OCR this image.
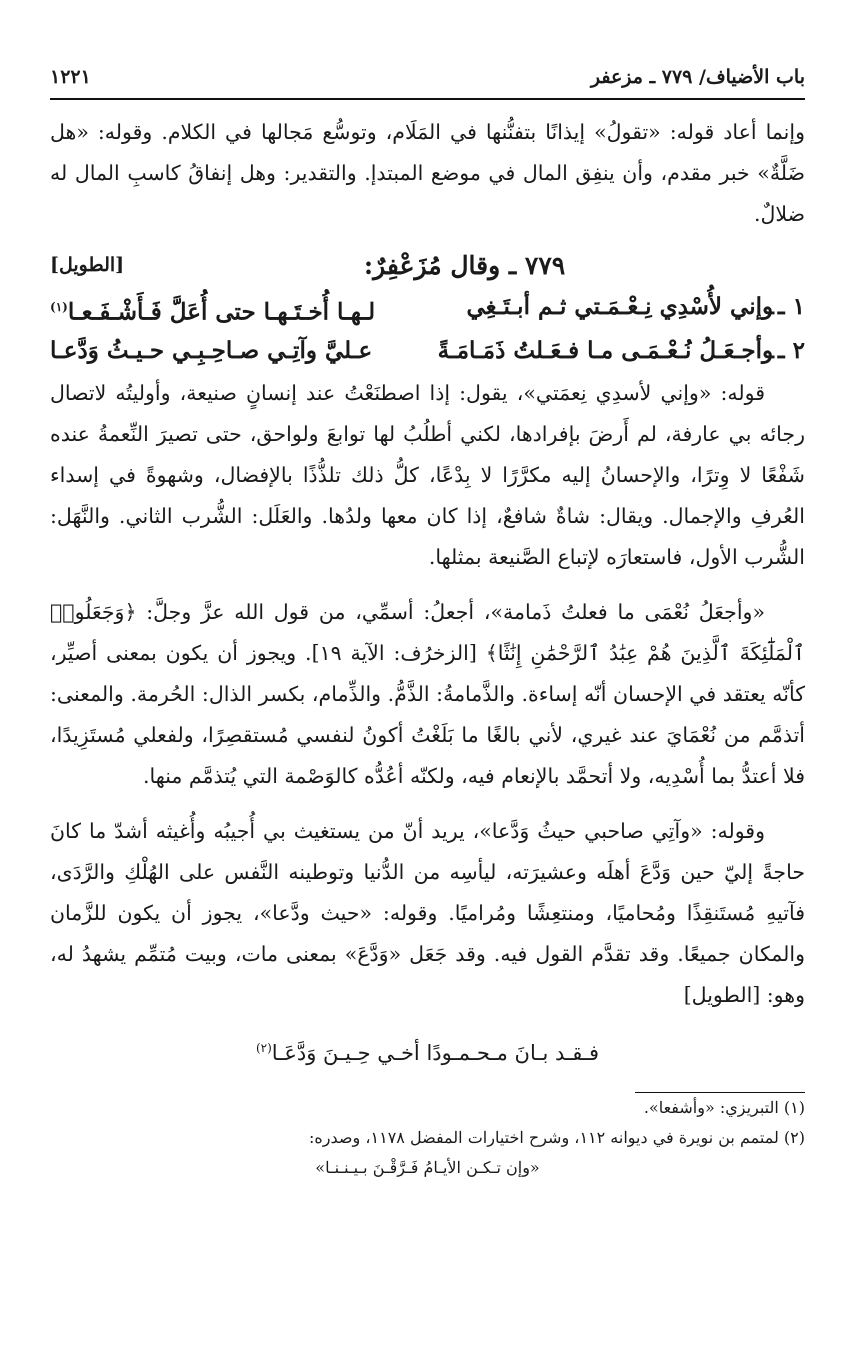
باب الأضياف/ ٧٧٩ ـ مزعفر
١٢٢١

وإنما أعاد قوله: «تقولُ» إيذانًا بتفنُّنها في المَلَام، وتوسُّع مَجالها في الكلام. وقوله: «هل ضَلَّةٌ» خبر مقدم، وأن ينفِق المال في موضع المبتدإ. والتقدير: وهل إنفاقُ كاسبِ المال له ضلالٌ.

٧٧٩ ـ وقال مُزَعْفِرٌ:
[الطويل]
١ ـوإني لأُسْدِي نِـعْـمَـتي ثـم أبـتَـغِي
لـهـا أُخـتَـهـا حتى أُعَلَّ فَـأَشْـفَـعـا$^{(١)}$
٢ ـوأجـعَـلُ نُـعْـمَـى مـا فـعَـلتُ ذَمَـامَـةً
عـليَّ وآتِـي صـاحِـبِـي حـيـثُ وَدَّعـا

قوله: «وإني لأسدِي نِعمَتي»، يقول: إذا اصطنَعْتُ عند إنسانٍ صنيعة، وأوليتُه لاتصال رجائه بي عارفة، لم أَرضَ بإفرادها، لكني أطلُبُ لها توابعَ ولواحق، حتى تصيرَ النِّعمةُ عنده شَفْعًا لا وِترًا، والإحسانُ إليه مكرَّرًا لا بِدْعًا، كلُّ ذلك تلذُّذًا بالإفضال، وشهوةً في إسداء العُرفِ والإجمال. ويقال: شاةٌ شافعٌ، إذا كان معها ولدُها. والعَلَل: الشُّرب الثاني. والنَّهَل: الشُّرب الأول، فاستعارَه لإتباع الصَّنيعة بمثلها.

«وأجعَلُ نُعْمَى ما فعلتُ ذَمامة»، أجعلُ: أسمِّي، من قول الله عزَّ وجلَّ: ﴿وَجَعَلُوا۟ ٱلْمَلَٰٓئِكَةَ ٱلَّذِينَ هُمْ عِبَٰدُ ٱلرَّحْمَٰنِ إِنَٰثًا﴾ [الزخرُف: الآية ١٩]. ويجوز أن يكون بمعنى أصيِّر، كأنّه يعتقد في الإحسان أنّه إساءة. والذَّمامةُ: الذَّمُّ. والذِّمام، بكسر الذال: الحُرمة. والمعنى: أتذمَّم من نُعْمَايَ عند غيري، لأني بالغًا ما بَلَغْتُ أكونُ لنفسي مُستقصِرًا، ولفعلي مُستَزِيدًا، فلا أعتدُّ بما أُسْدِيه، ولا أتحمَّد بالإنعام فيه، ولكنّه أعُدُّه كالوَصْمة التي يُتذمَّم منها.

وقوله: «وآتِي صاحبي حيثُ وَدَّعا»، يريد أنّ من يستغيث بي أُجيبُه وأُغيثه أشدّ ما كانَ حاجةً إليّ حين وَدَّعَ أهلَه وعشيرَته، ليأسِه من الدُّنيا وتوطينه النَّفس على الهُلْكِ والرَّدَى، فآتيهِ مُستَنقِذًا ومُحاميًا، ومنتعِشًا ومُراميًا. وقوله: «حيث ودَّعا»، يجوز أن يكون للزَّمان والمكان جميعًا. وقد تقدَّم القول فيه. وقد جَعَل «وَدَّعَ» بمعنى مات، وبيت مُتمِّم يشهدُ له، وهو: [الطويل]

فـقـد بـانَ مـحـمـودًا أخـي حِـيـنَ وَدَّعَـا$^{(٢)}$

(١) التبريزي: «وأشفعا».

(٢) لمتمم بن نويرة في ديوانه ١١٢، وشرح اختيارات المفضل ١١٧٨، وصدره:

«وإن تـكـن الأيـامُ فَـرَّقْـنَ بـيـنـنـا»
